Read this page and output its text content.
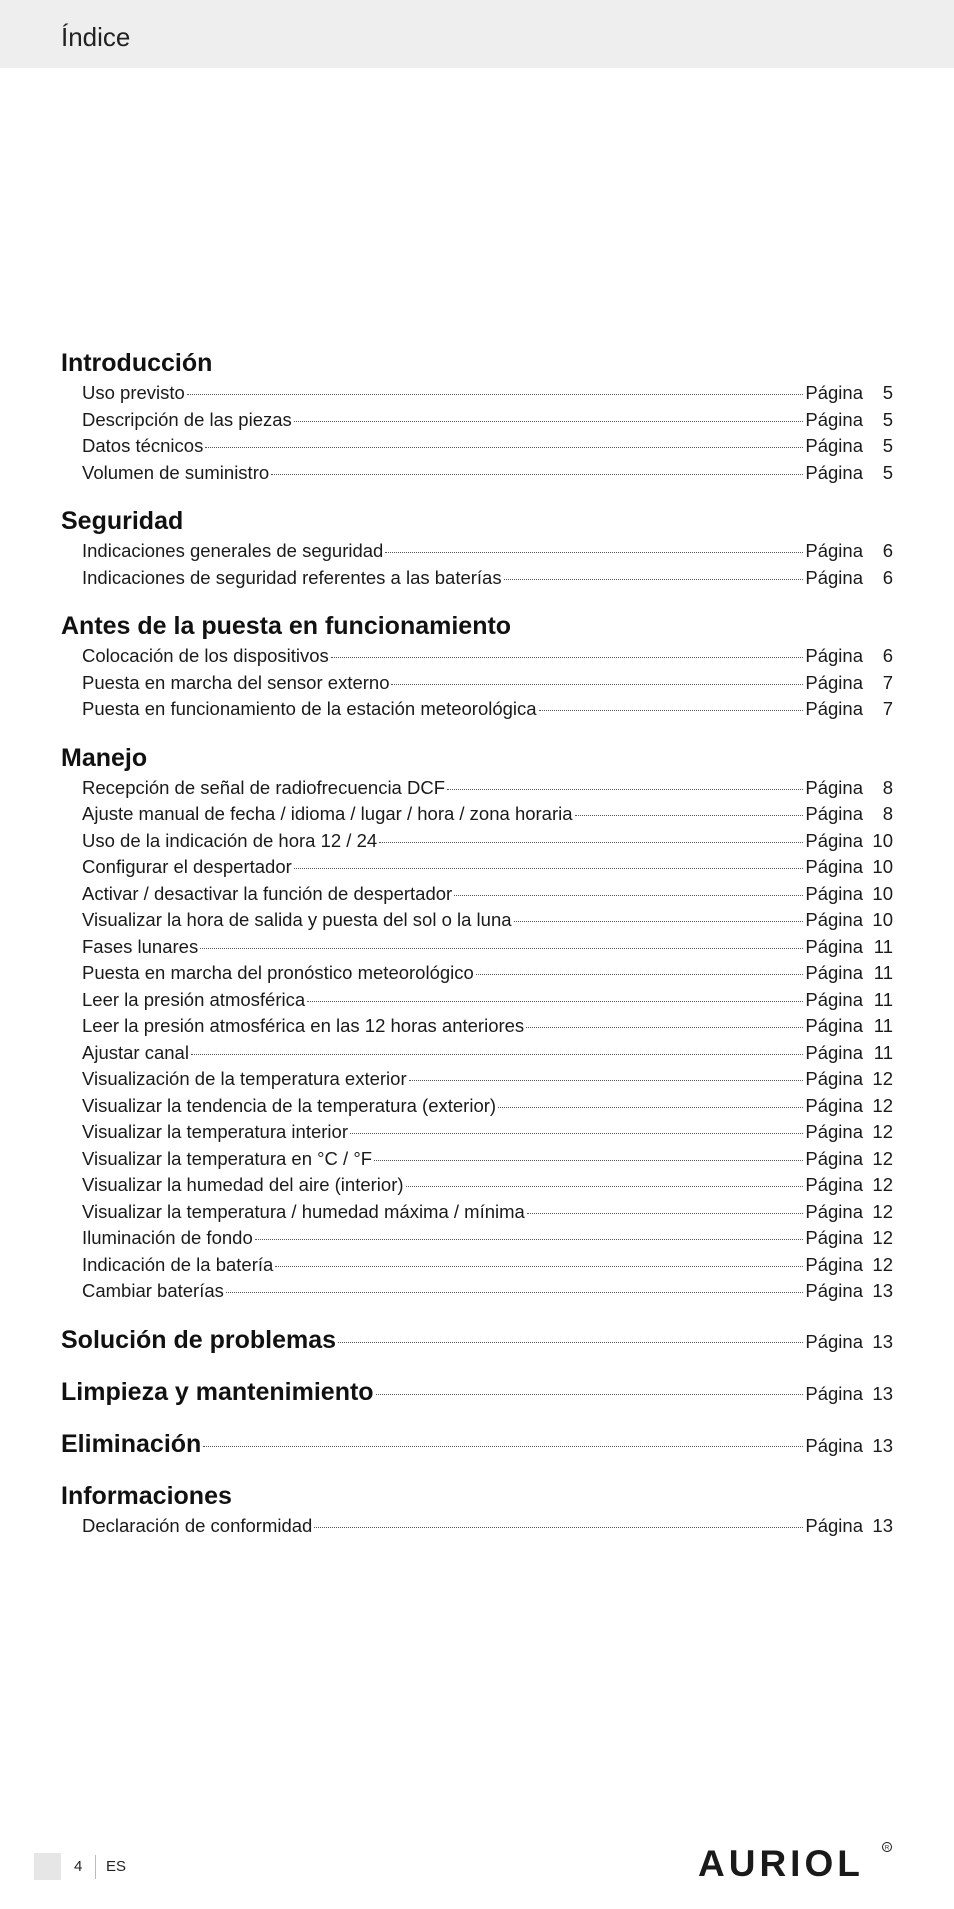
Índice
Introducción
Uso previsto	Página	5
Descripción de las piezas	Página	5
Datos técnicos	Página	5
Volumen de suministro	Página	5
Seguridad
Indicaciones generales de seguridad	Página	6
Indicaciones de seguridad referentes a las baterías	Página	6
Antes de la puesta en funcionamiento
Colocación de los dispositivos	Página	6
Puesta en marcha del sensor externo	Página	7
Puesta en funcionamiento de la estación meteorológica	Página	7
Manejo
Recepción de señal de radiofrecuencia DCF	Página	8
Ajuste manual de fecha / idioma / lugar / hora / zona horaria	Página	8
Uso de la indicación de hora 12 / 24	Página 10
Configurar el despertador	Página 10
Activar / desactivar la función de despertador	Página 10
Visualizar la hora de salida y puesta del sol o la luna	Página 10
Fases lunares	Página 11
Puesta en marcha del pronóstico meteorológico	Página 11
Leer la presión atmosférica	Página 11
Leer la presión atmosférica en las 12 horas anteriores	Página 11
Ajustar canal	Página 11
Visualización de la temperatura exterior	Página 12
Visualizar la tendencia de la temperatura (exterior)	Página 12
Visualizar la temperatura interior	Página 12
Visualizar la temperatura en °C / °F	Página 12
Visualizar la humedad del aire (interior)	Página 12
Visualizar la temperatura / humedad máxima / mínima	Página 12
Iluminación de fondo	Página 12
Indicación de la batería	Página 12
Cambiar baterías	Página 13
Solución de problemas	Página 13
Limpieza y mantenimiento	Página 13
Eliminación	Página 13
Informaciones
Declaración de conformidad	Página 13
4 ES	AURIOL	R
